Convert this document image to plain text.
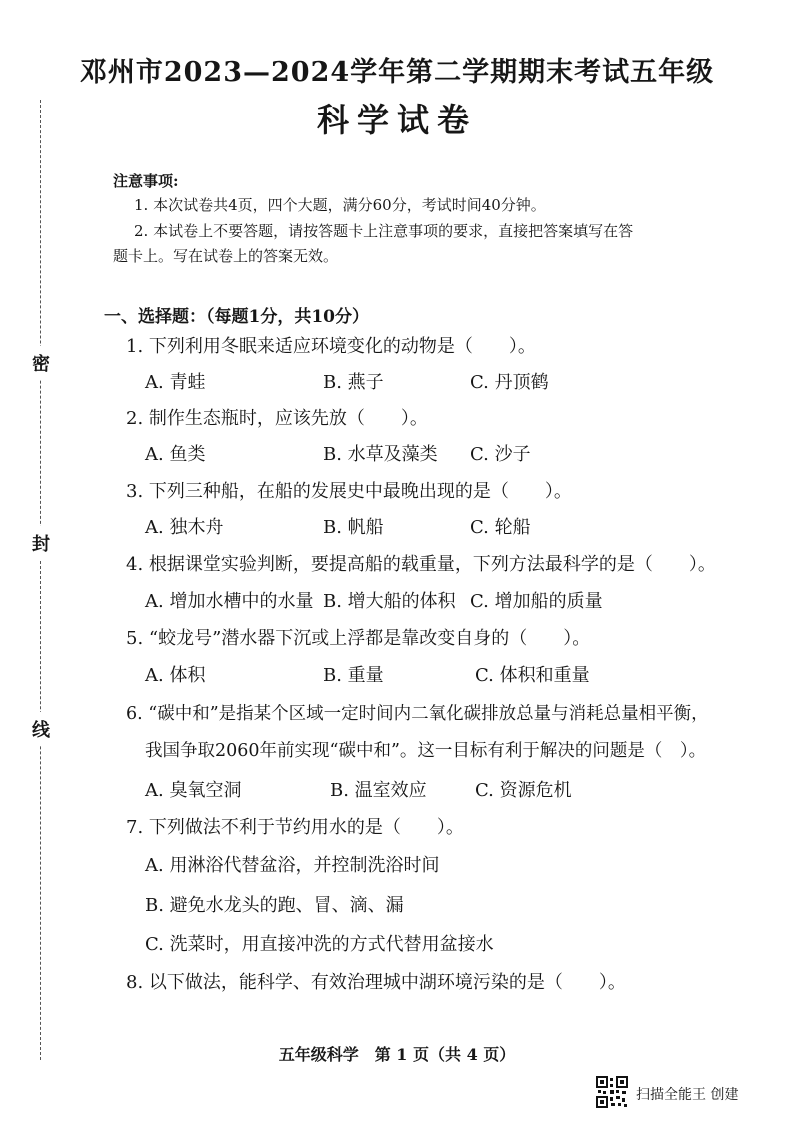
密
封
线
邓州市2023—2024学年第二学期期末考试五年级
科学试卷
注意事项:
1. 本次试卷共4页，四个大题，满分60分，考试时间40分钟。
2. 本试卷上不要答题，请按答题卡上注意事项的要求，直接把答案填写在答
题卡上。写在试卷上的答案无效。
一、选择题：（每题1分，共10分）
1. 下列利用冬眠来适应环境变化的动物是（　　）。
A. 青蛙	B. 燕子	C. 丹顶鹤
2. 制作生态瓶时，应该先放（　　）。
A. 鱼类	B. 水草及藻类 C. 沙子
3. 下列三种船，在船的发展史中最晚出现的是（　　）。
A. 独木舟	B. 帆船	C. 轮船
4. 根据课堂实验判断，要提高船的载重量，下列方法最科学的是（　　）。
A. 增加水槽中的水量 B. 增大船的体积 C. 增加船的质量
5. “蛟龙号”潜水器下沉或上浮都是靠改变自身的（　　）。
A. 体积	B. 重量	C. 体积和重量
6. “碳中和”是指某个区域一定时间内二氧化碳排放总量与消耗总量相平衡，
我国争取2060年前实现“碳中和”。这一目标有利于解决的问题是（　）。
A. 臭氧空洞	B. 温室效应	C. 资源危机
7. 下列做法不利于节约用水的是（　　）。
A. 用淋浴代替盆浴，并控制洗浴时间
B. 避免水龙头的跑、冒、滴、漏
C. 洗菜时，用直接冲洗的方式代替用盆接水
8. 以下做法，能科学、有效治理城中湖环境污染的是（　　）。
五年级科学　第 1 页（共 4 页）
扫描全能王 创建
